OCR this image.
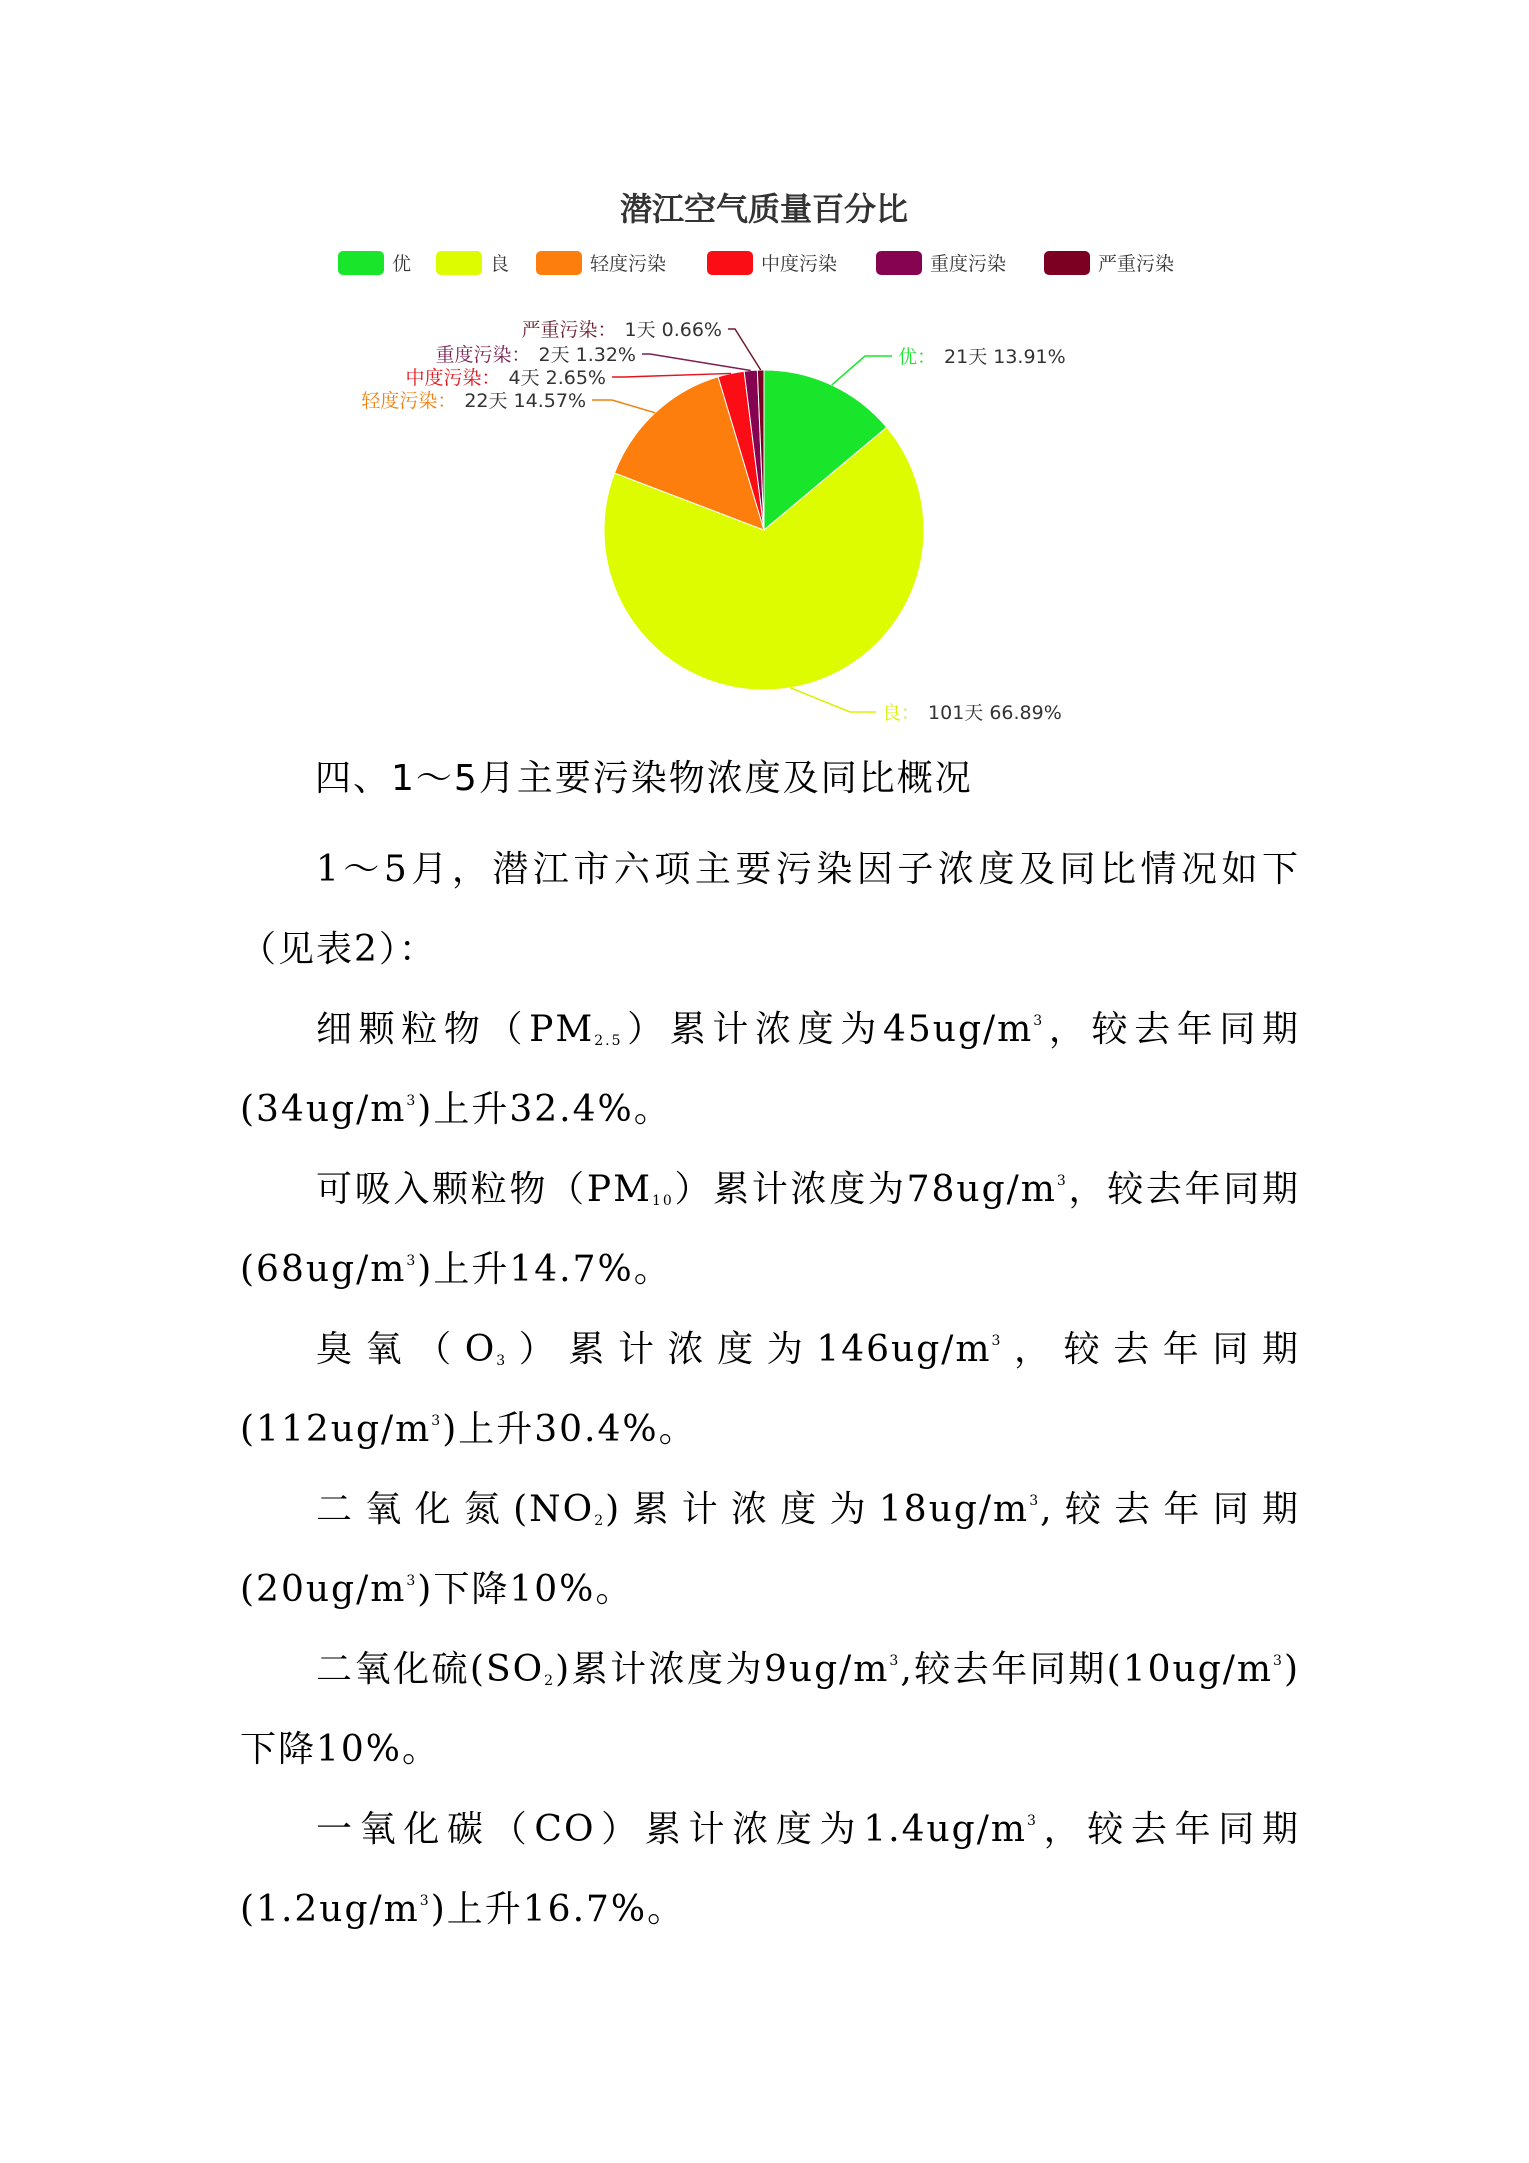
潜江空气质量百分比
优	良	轻度污染	中度污染	重度污染	严重污染
优： 21天 13.91%
良： 101天 66.89%
轻度污染： 22天 14.57%
中度污染： 4天 2.65%
重度污染： 2天 1.32%
严重污染： 1天 0.66%
四、1～5月主要污染物浓度及同比概况

1～5月，潜江市六项主要污染因子浓度及同比情况如下（见表2）：

细颗粒物$(PM_{2.5})$累计浓度为$45ug/m^3$，较去年同期$(34ug/m^3)$上升32.4%。

可吸入颗粒物$(PM_{10})$累计浓度为$78ug/m^3$，较去年同期$(68ug/m^3)$上升14.7%。

臭氧$(O_3)$累计浓度为$146ug/m^3$，较去年同期$(112ug/m^3)$上升30.4%。

二氧化氮$(NO_2)$累计浓度为$18ug/m^3$,较去年同期$(20ug/m^3)$下降10%。

二氧化硫$(SO_2)$累计浓度为$9ug/m^3$,较去年同期$(10ug/m^3)$下降10%。

一氧化碳（CO）累计浓度为$1.4ug/m^3$，较去年同期$(1.2ug/m^3)$上升16.7%。
